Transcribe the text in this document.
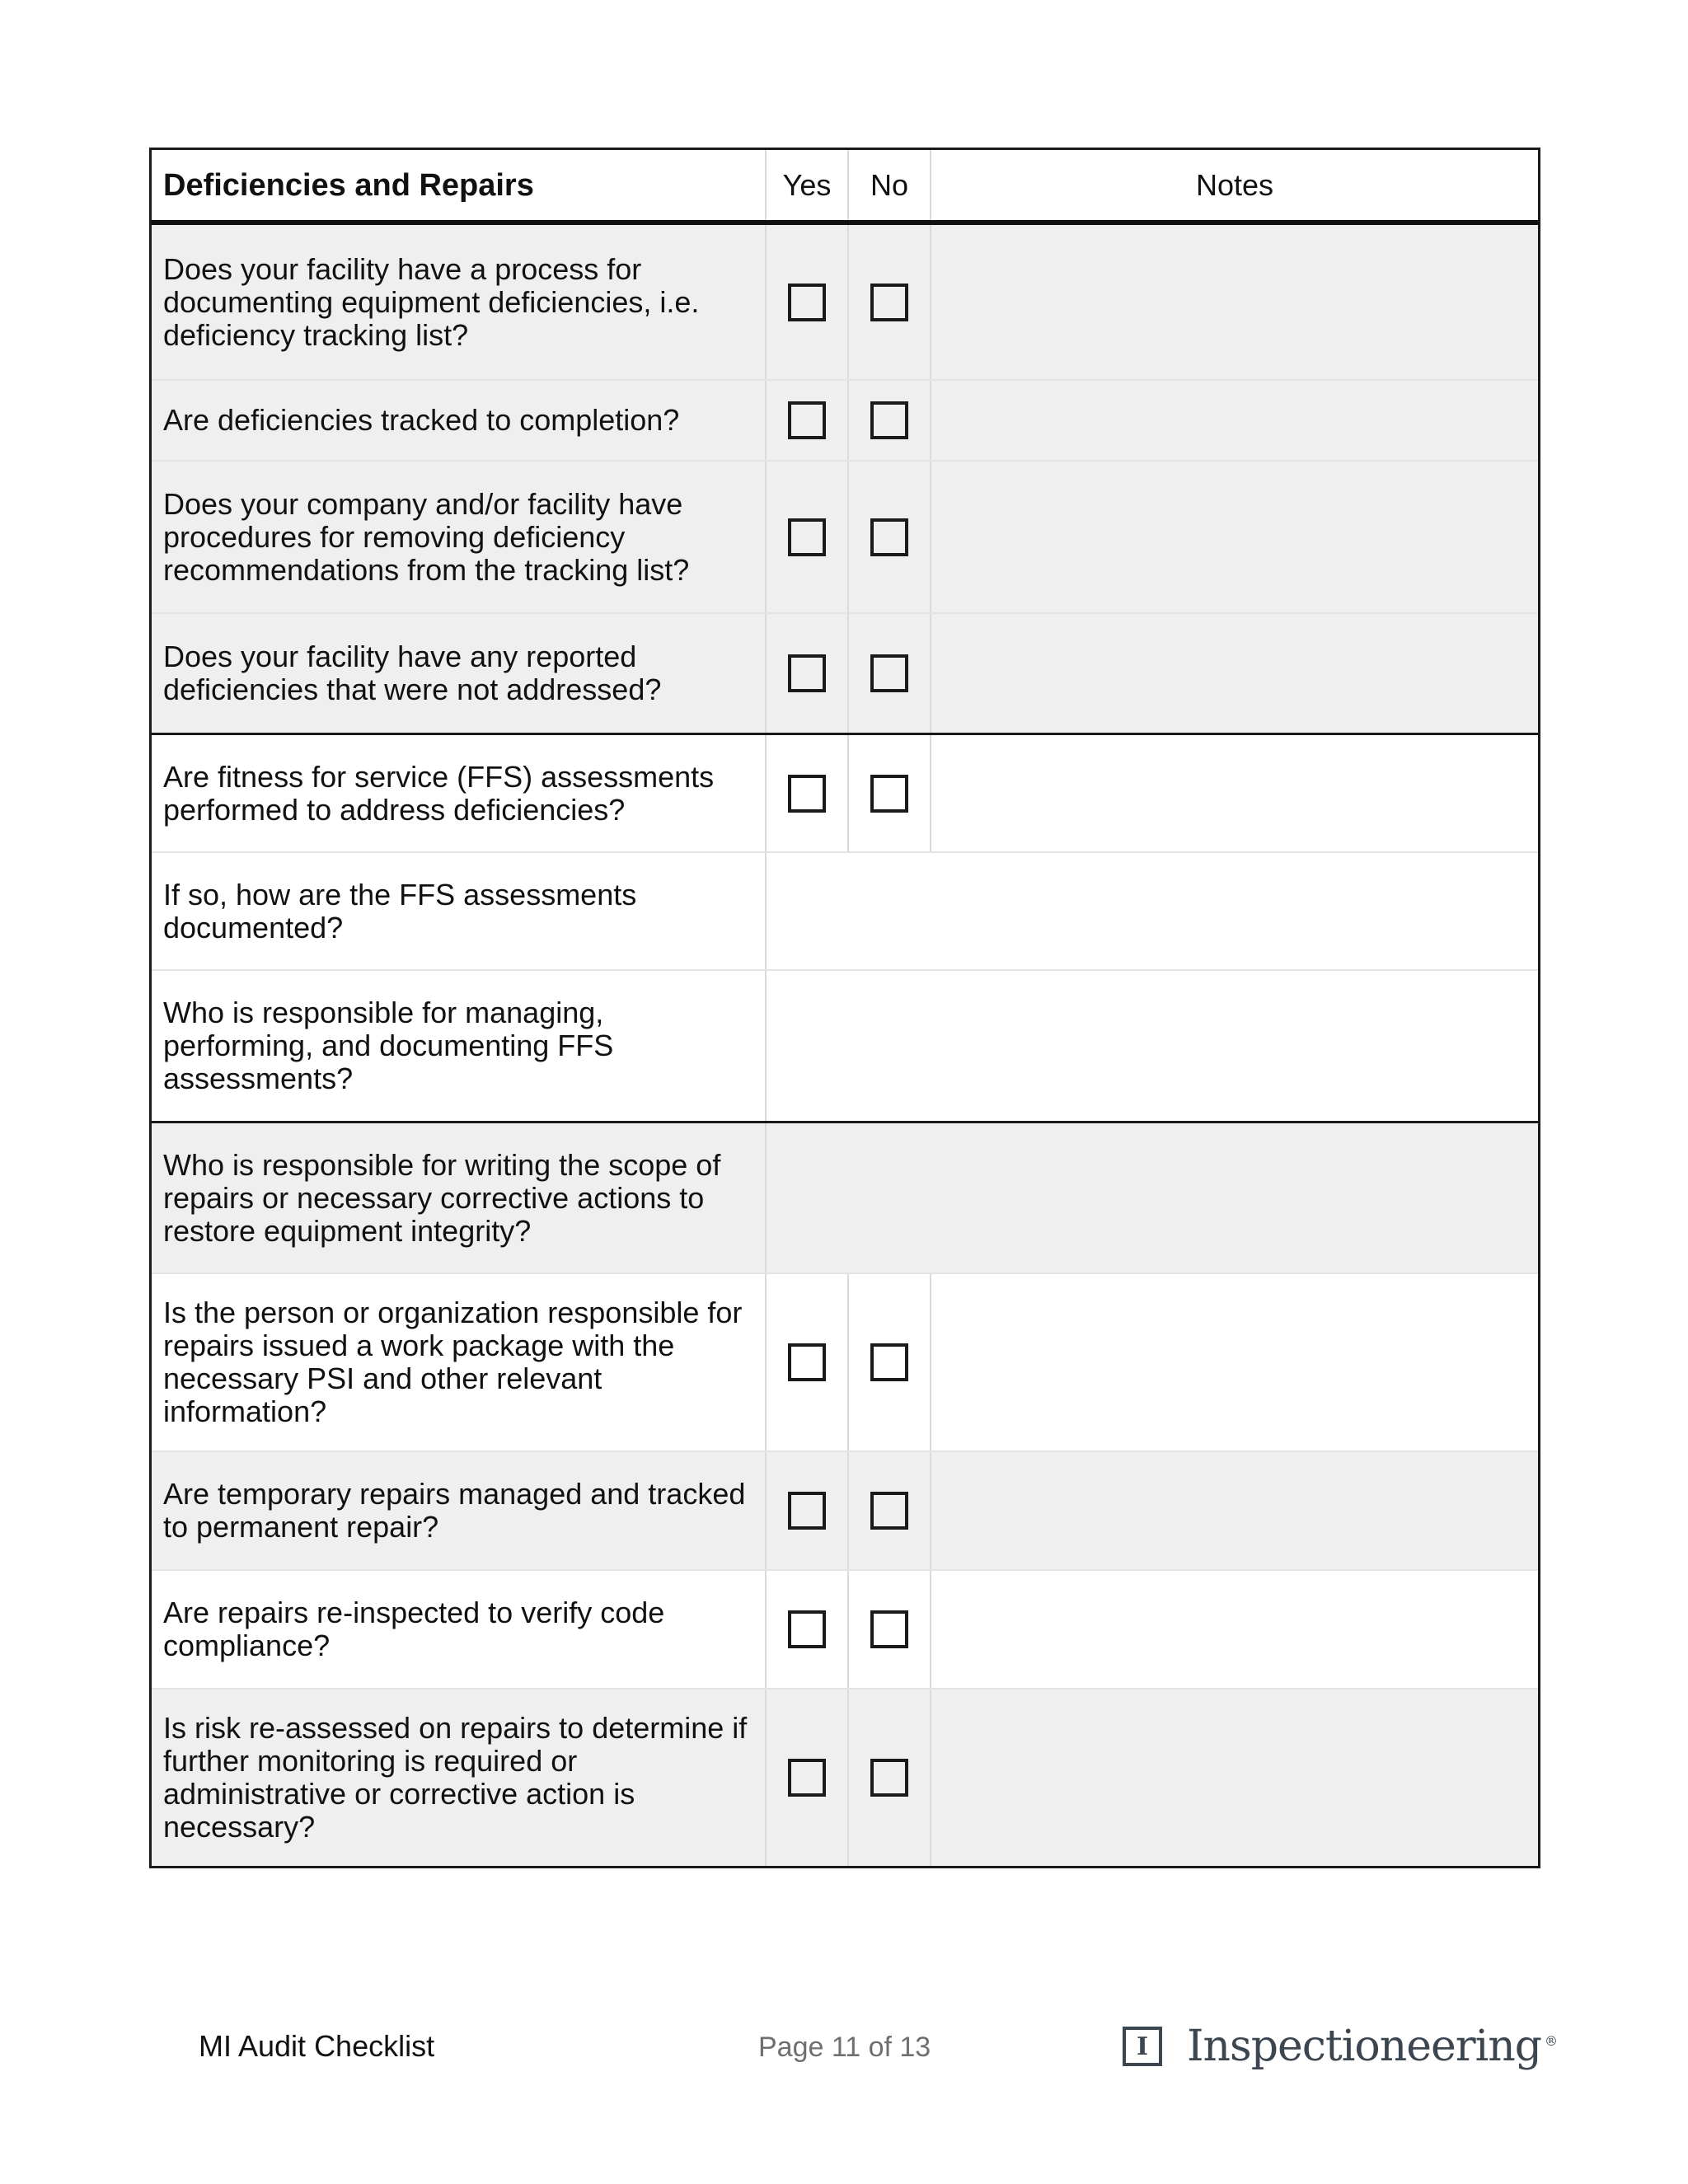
Deficiencies and Repairs	Yes	No	Notes
Does your facility have a process for documenting equipment deficiencies, i.e. deficiency tracking list?
Are deficiencies tracked to completion?
Does your company and/or facility have procedures for removing deficiency recommendations from the tracking list?
Does your facility have any reported deficiencies that were not addressed?
Are fitness for service (FFS) assessments performed to address deficiencies?
If so, how are the FFS assessments documented?
Who is responsible for managing, performing, and documenting FFS assessments?
Who is responsible for writing the scope of repairs or necessary corrective actions to restore equipment integrity?
Is the person or organization responsible for repairs issued a work package with the necessary PSI and other relevant information?
Are temporary repairs managed and tracked to permanent repair?
Are repairs re-inspected to verify code compliance?
Is risk re-assessed on repairs to determine if further monitoring is required or administrative or corrective action is necessary?
MI Audit Checklist	Page 11 of 13	I Inspectioneering ®
